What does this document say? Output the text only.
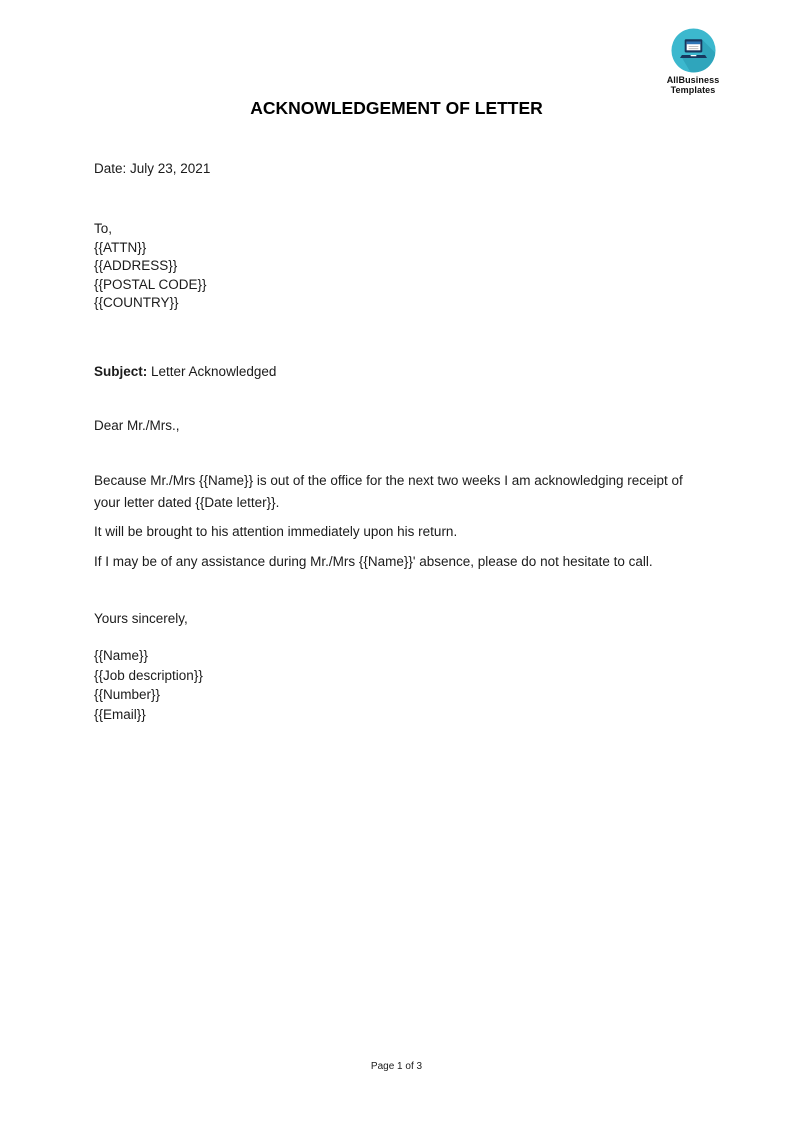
AllBusiness
Templates
ACKNOWLEDGEMENT OF LETTER
Date: July 23, 2021
To,
{{ATTN}}
{{ADDRESS}}
{{POSTAL CODE}}
{{COUNTRY}}
Subject: Letter Acknowledged
Dear Mr./Mrs.,
Because Mr./Mrs {{Name}} is out of the office for the next two weeks I am acknowledging receipt of your letter dated {{Date letter}}.
It will be brought to his attention immediately upon his return.
If I may be of any assistance during Mr./Mrs {{Name}}' absence, please do not hesitate to call.
Yours sincerely,
{{Name}}
{{Job description}}
{{Number}}
{{Email}}
Page 1 of 3
